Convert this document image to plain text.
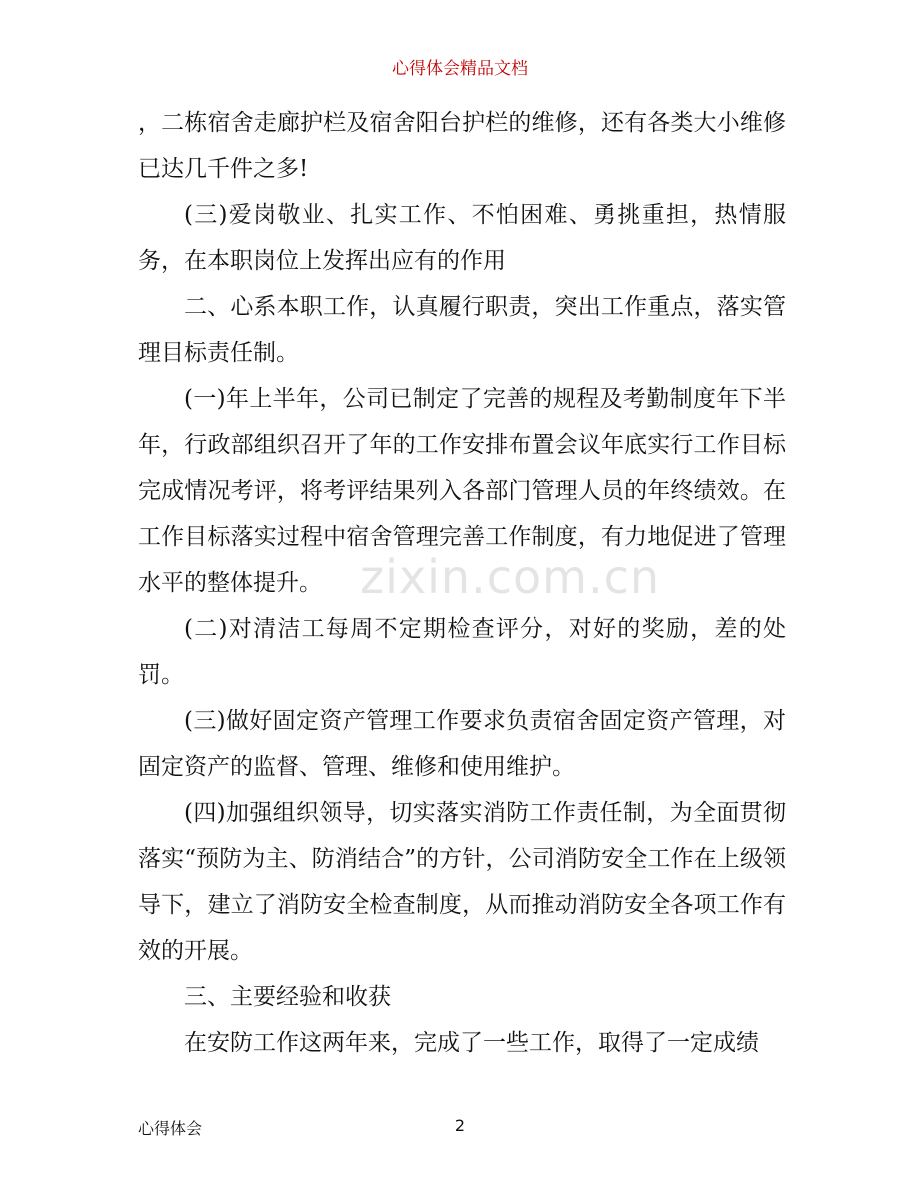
心得体会精品文档

，二栋宿舍走廊护栏及宿舍阳台护栏的维修，还有各类大小维修已达几千件之多!

(三)爱岗敬业、扎实工作、不怕困难、勇挑重担，热情服务，在本职岗位上发挥出应有的作用

二、心系本职工作，认真履行职责，突出工作重点，落实管理目标责任制。

(一)年上半年，公司已制定了完善的规程及考勤制度年下半年，行政部组织召开了年的工作安排布置会议年底实行工作目标完成情况考评，将考评结果列入各部门管理人员的年终绩效。在工作目标落实过程中宿舍管理完善工作制度，有力地促进了管理水平的整体提升。

(二)对清洁工每周不定期检查评分，对好的奖励，差的处罚。

(三)做好固定资产管理工作要求负责宿舍固定资产管理，对固定资产的监督、管理、维修和使用维护。

(四)加强组织领导，切实落实消防工作责任制，为全面贯彻落实“预防为主、防消结合”的方针，公司消防安全工作在上级领导下，建立了消防安全检查制度，从而推动消防安全各项工作有效的开展。

三、主要经验和收获

在安防工作这两年来，完成了一些工作，取得了一定成绩

zixin.com.cn
心得体会	2
